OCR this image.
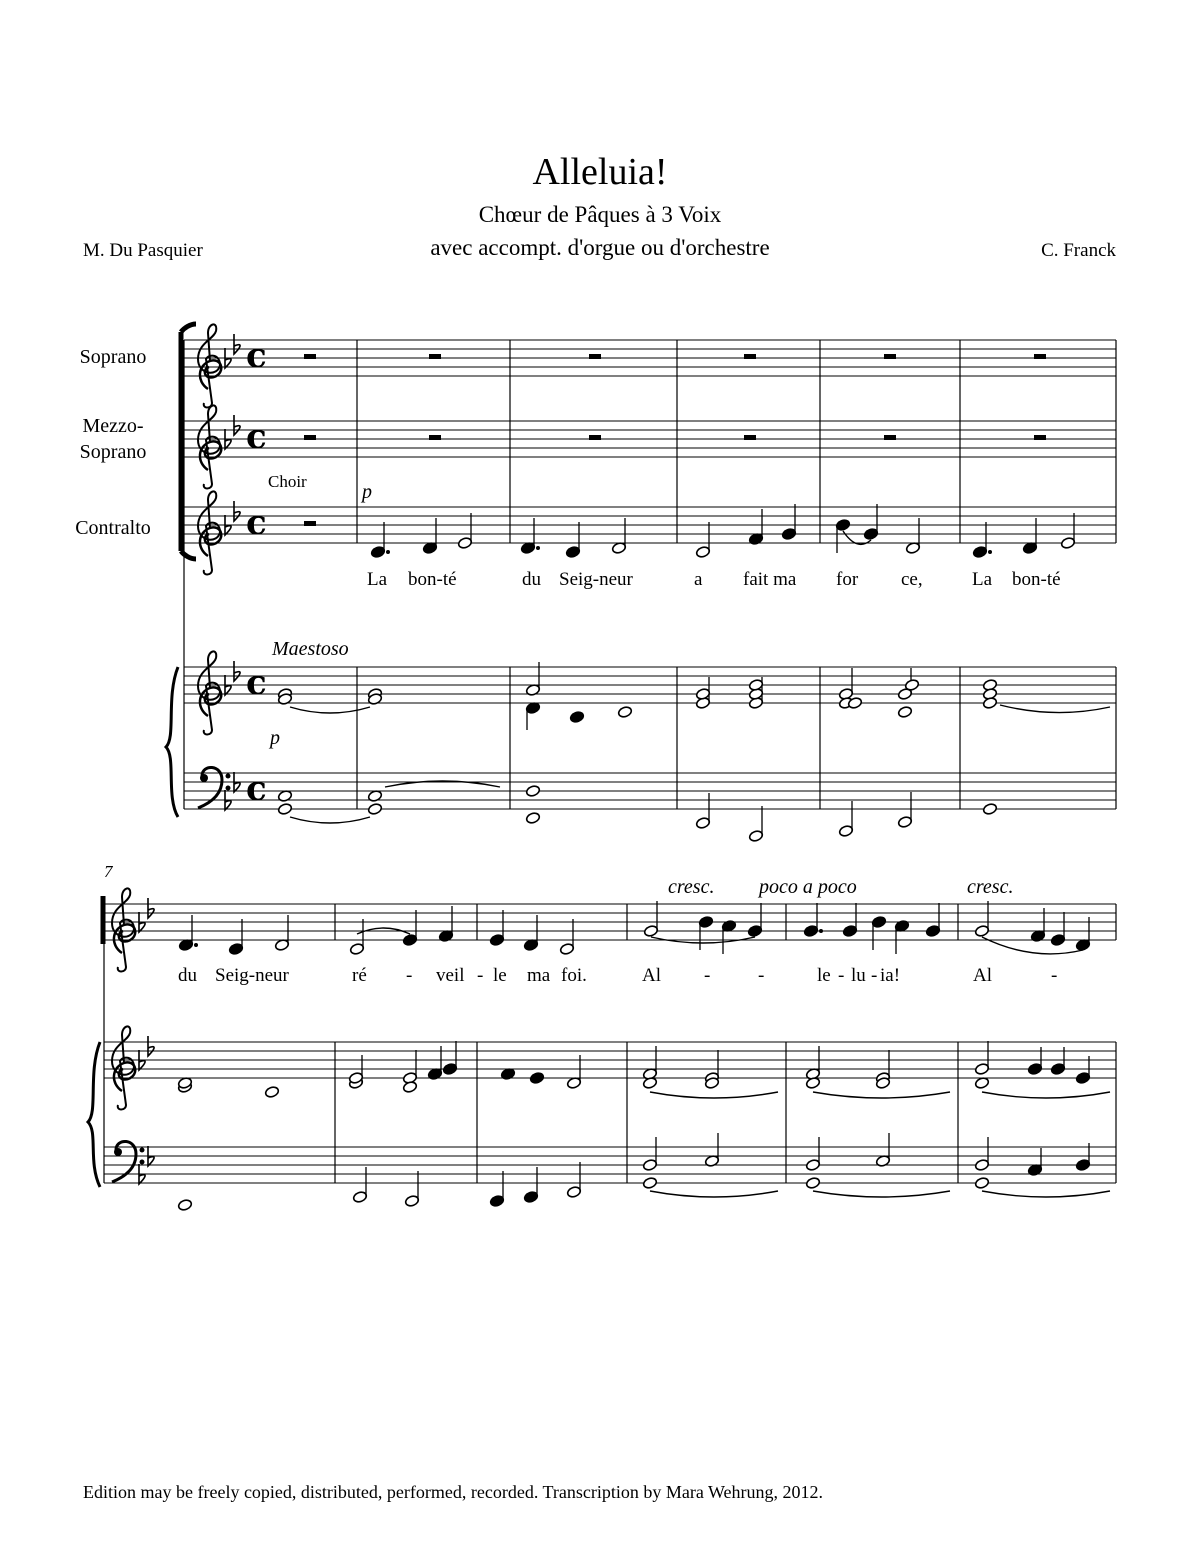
Alleluia!
Chœur de Pâques à 3 Voix
avec accompt. d'orgue ou d'orchestre
M. Du Pasquier	C. Franck
Soprano
Mezzo-
Soprano
Contralto
Choir	p
Maestoso
p
7
cresc. poco a poco	cresc.
La bon-té	du Seig-neur	a fait ma for ce,	La bon-té
du Seig-neur	ré - veil - le ma foi.	Al -	-	le - lu - ia!	Al	-
Edition may be freely copied, distributed, performed, recorded. Transcription by Mara Wehrung, 2012.
c
c
c
c
c
